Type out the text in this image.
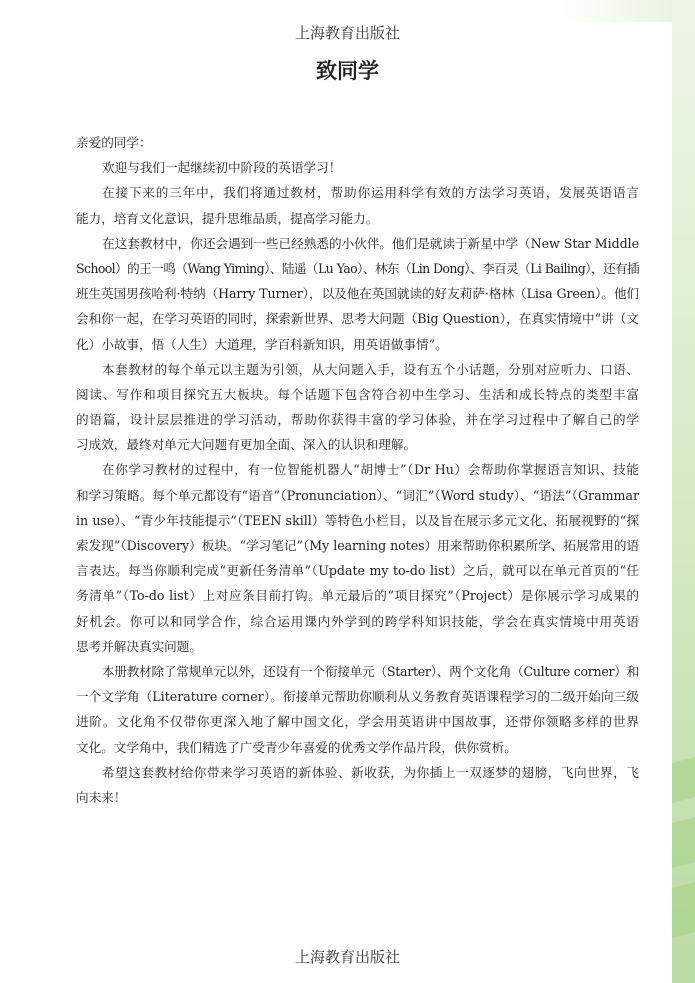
上海教育出版社
致同学
亲爱的同学：
欢迎与我们一起继续初中阶段的英语学习！
在接下来的三年中，我们将通过教材，帮助你运用科学有效的方法学习英语，发展英语语言
能力，培育文化意识，提升思维品质，提高学习能力。
在这套教材中，你还会遇到一些已经熟悉的小伙伴。他们是就读于新星中学（New Star Middle
School）的王一鸣（Wang Yiming）、陆遥（Lu Yao）、林东（Lin Dong）、李百灵（Li Bailing），还有插
班生英国男孩哈利·特纳（Harry Turner），以及他在英国就读的好友莉萨·格林（Lisa Green）。他们
会和你一起，在学习英语的同时，探索新世界、思考大问题（Big Question），在真实情境中“讲（文
化）小故事，悟（人生）大道理，学百科新知识，用英语做事情”。
本套教材的每个单元以主题为引领，从大问题入手，设有五个小话题，分别对应听力、口语、
阅读、写作和项目探究五大板块。每个话题下包含符合初中生学习、生活和成长特点的类型丰富
的语篇，设计层层推进的学习活动，帮助你获得丰富的学习体验，并在学习过程中了解自己的学
习成效，最终对单元大问题有更加全面、深入的认识和理解。
在你学习教材的过程中，有一位智能机器人“胡博士”（Dr Hu）会帮助你掌握语言知识、技能
和学习策略。每个单元都设有“语音”（Pronunciation）、“词汇”（Word study）、“语法”（Grammar
in use）、“青少年技能提示”（TEEN skill）等特色小栏目，以及旨在展示多元文化、拓展视野的“探
索发现”（Discovery）板块。“学习笔记”（My learning notes）用来帮助你积累所学、拓展常用的语
言表达。每当你顺利完成“更新任务清单”（Update my to-do list）之后，就可以在单元首页的“任
务清单”（To-do list）上对应条目前打钩。单元最后的“项目探究”（Project）是你展示学习成果的
好机会。你可以和同学合作，综合运用课内外学到的跨学科知识技能，学会在真实情境中用英语
思考并解决真实问题。
本册教材除了常规单元以外，还设有一个衔接单元（Starter）、两个文化角（Culture corner）和
一个文学角（Literature corner）。衔接单元帮助你顺利从义务教育英语课程学习的二级开始向三级
进阶。文化角不仅带你更深入地了解中国文化，学会用英语讲中国故事，还带你领略多样的世界
文化。文学角中，我们精选了广受青少年喜爱的优秀文学作品片段，供你赏析。
希望这套教材给你带来学习英语的新体验、新收获，为你插上一双逐梦的翅膀，飞向世界，飞
向未来！
上海教育出版社
